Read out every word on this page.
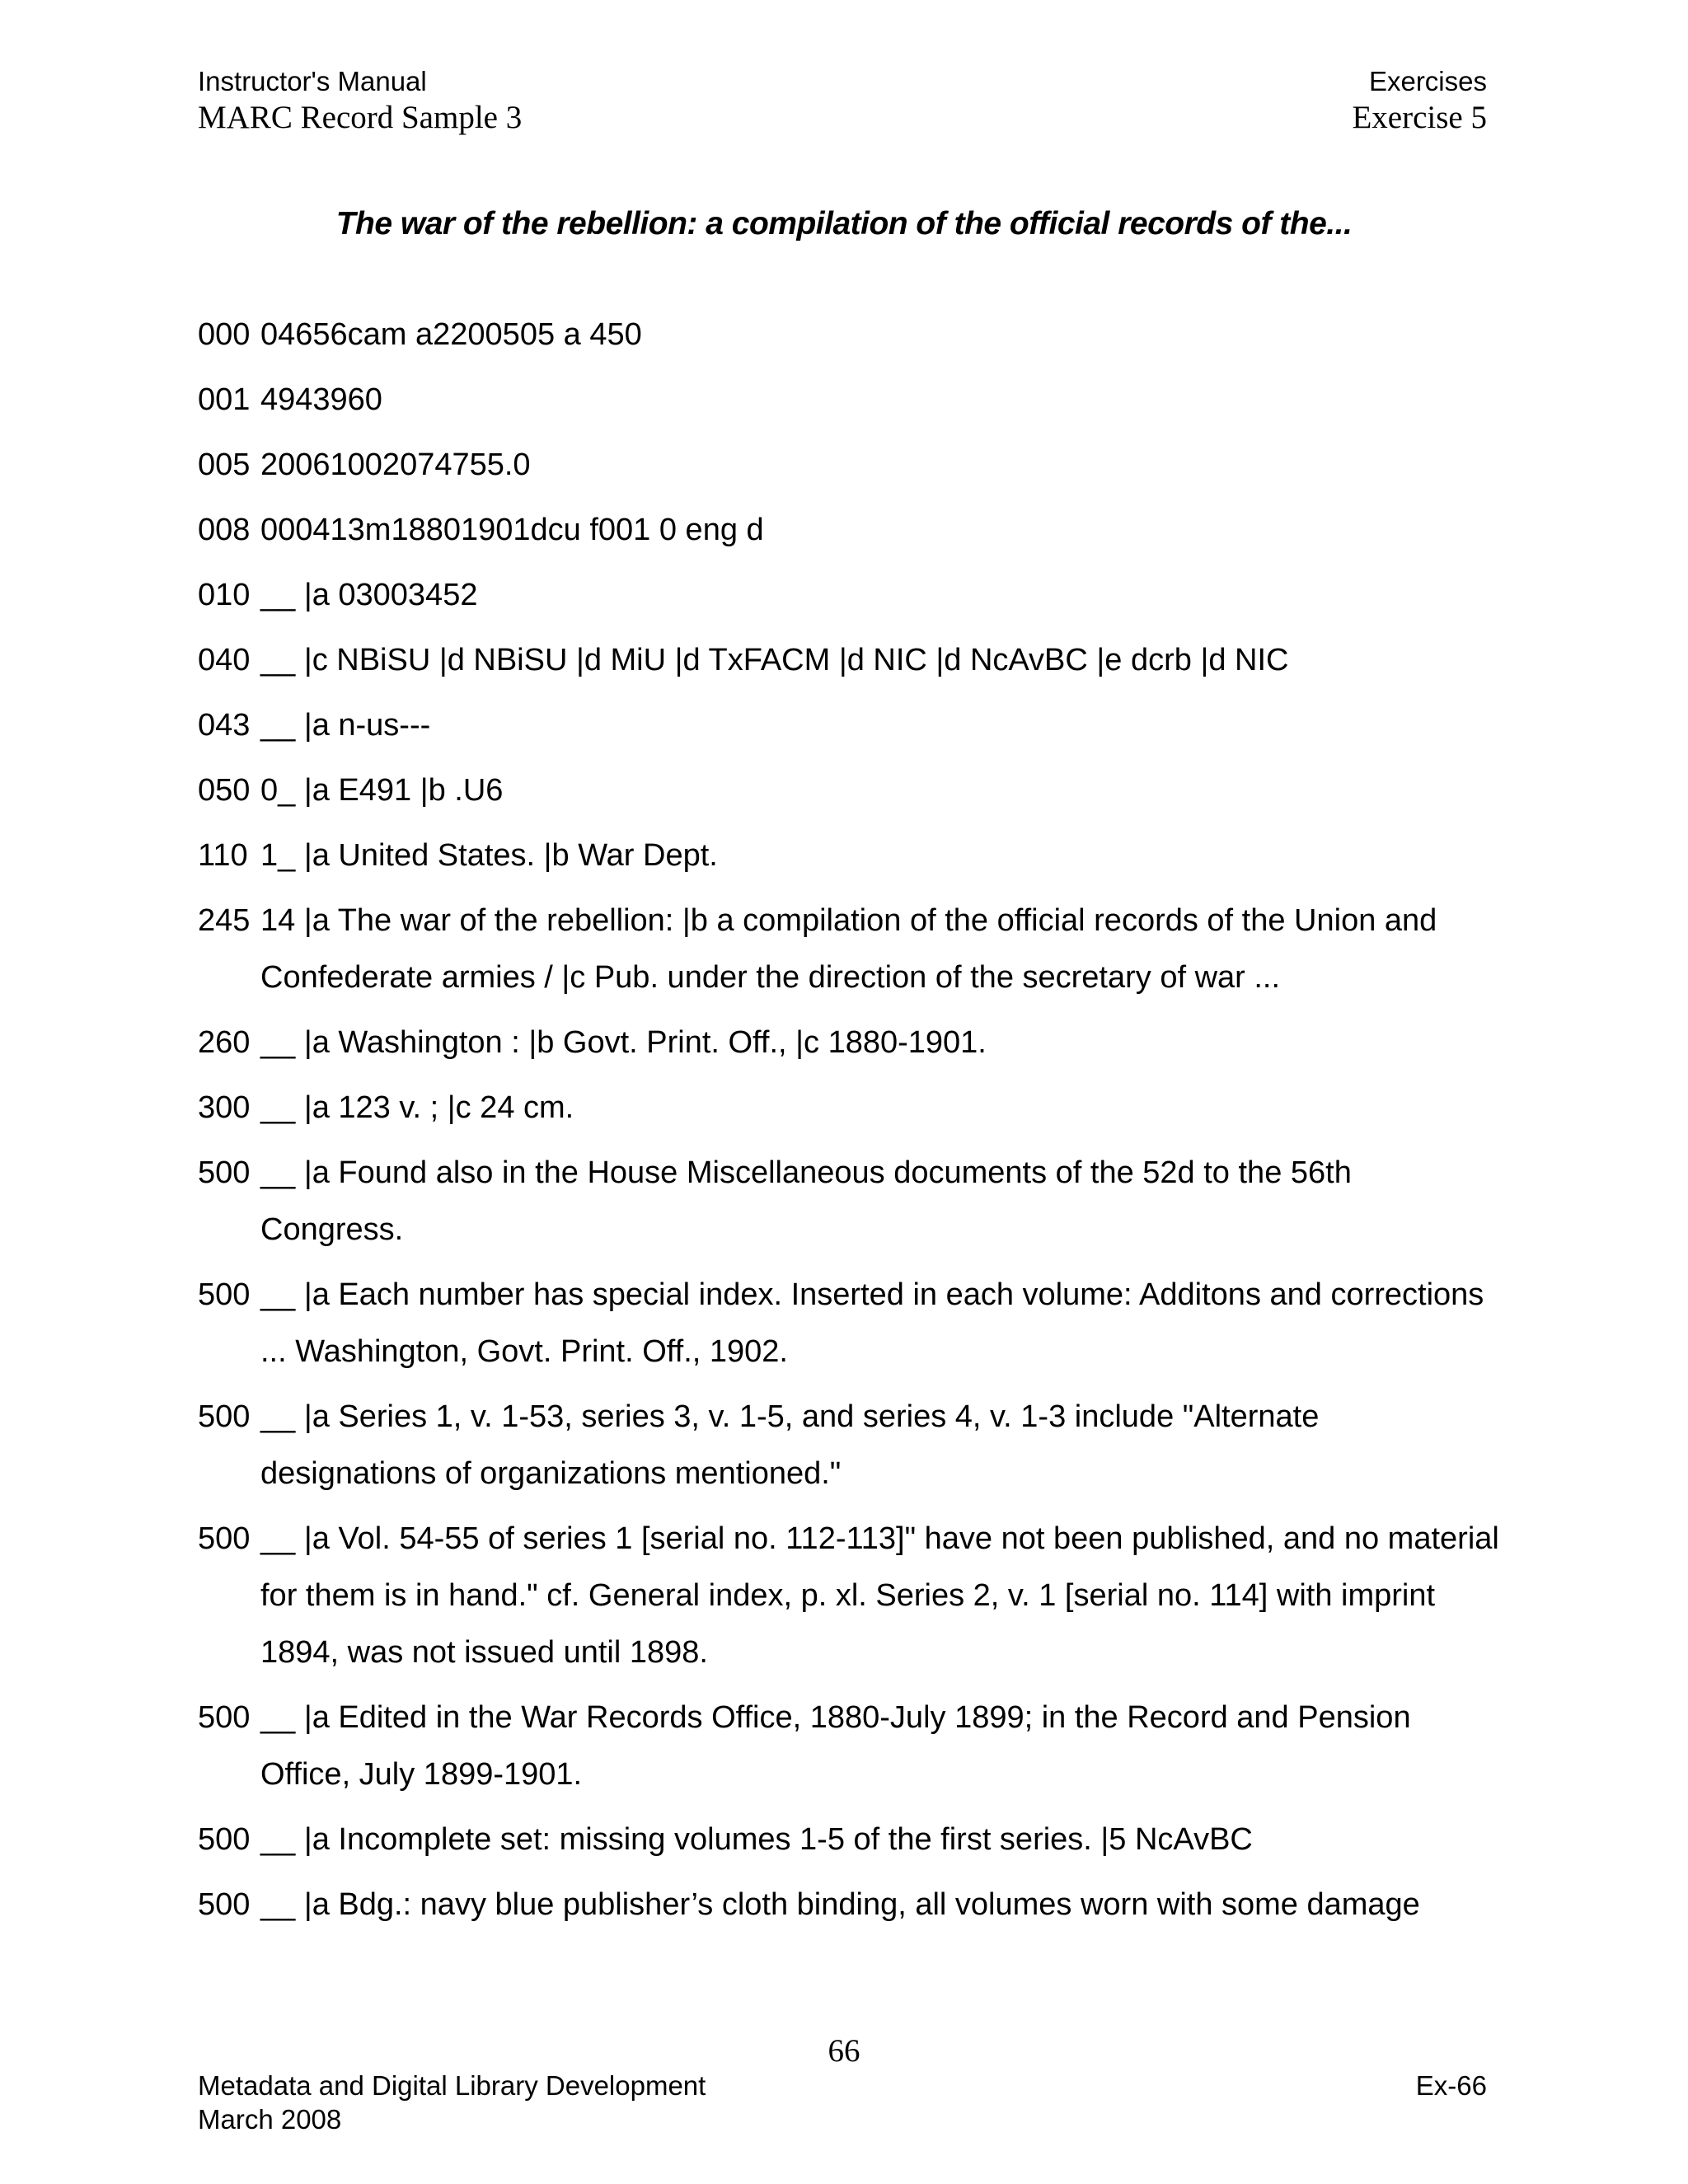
Instructor's Manual
MARC Record Sample 3
Exercises
Exercise 5
The war of the rebellion: a compilation of the official records of the...
000 04656cam a2200505 a 450
001 4943960
005 20061002074755.0
008 000413m18801901dcu f001 0 eng d
010 __ |a 03003452
040 __ |c NBiSU |d NBiSU |d MiU |d TxFACM |d NIC |d NcAvBC |e dcrb |d NIC
043 __ |a n-us---
050 0_ |a E491 |b .U6
110 1_ |a United States. |b War Dept.
245 14 |a The war of the rebellion: |b a compilation of the official records of the Union and Confederate armies / |c Pub. under the direction of the secretary of war ...
260 __ |a Washington : |b Govt. Print. Off., |c 1880-1901.
300 __ |a 123 v. ; |c 24 cm.
500 __ |a Found also in the House Miscellaneous documents of the 52d to the 56th Congress.
500 __ |a Each number has special index. Inserted in each volume: Additons and corrections ... Washington, Govt. Print. Off., 1902.
500 __ |a Series 1, v. 1-53, series 3, v. 1-5, and series 4, v. 1-3 include "Alternate designations of organizations mentioned."
500 __ |a Vol. 54-55 of series 1 [serial no. 112-113]" have not been published, and no material for them is in hand." cf. General index, p. xl. Series 2, v. 1 [serial no. 114] with imprint 1894, was not issued until 1898.
500 __ |a Edited in the War Records Office, 1880-July 1899; in the Record and Pension Office, July 1899-1901.
500 __ |a Incomplete set: missing volumes 1-5 of the first series. |5 NcAvBC
500 __ |a Bdg.: navy blue publisher’s cloth binding, all volumes worn with some damage
66
Metadata and Digital Library Development
March 2008
Ex-66
